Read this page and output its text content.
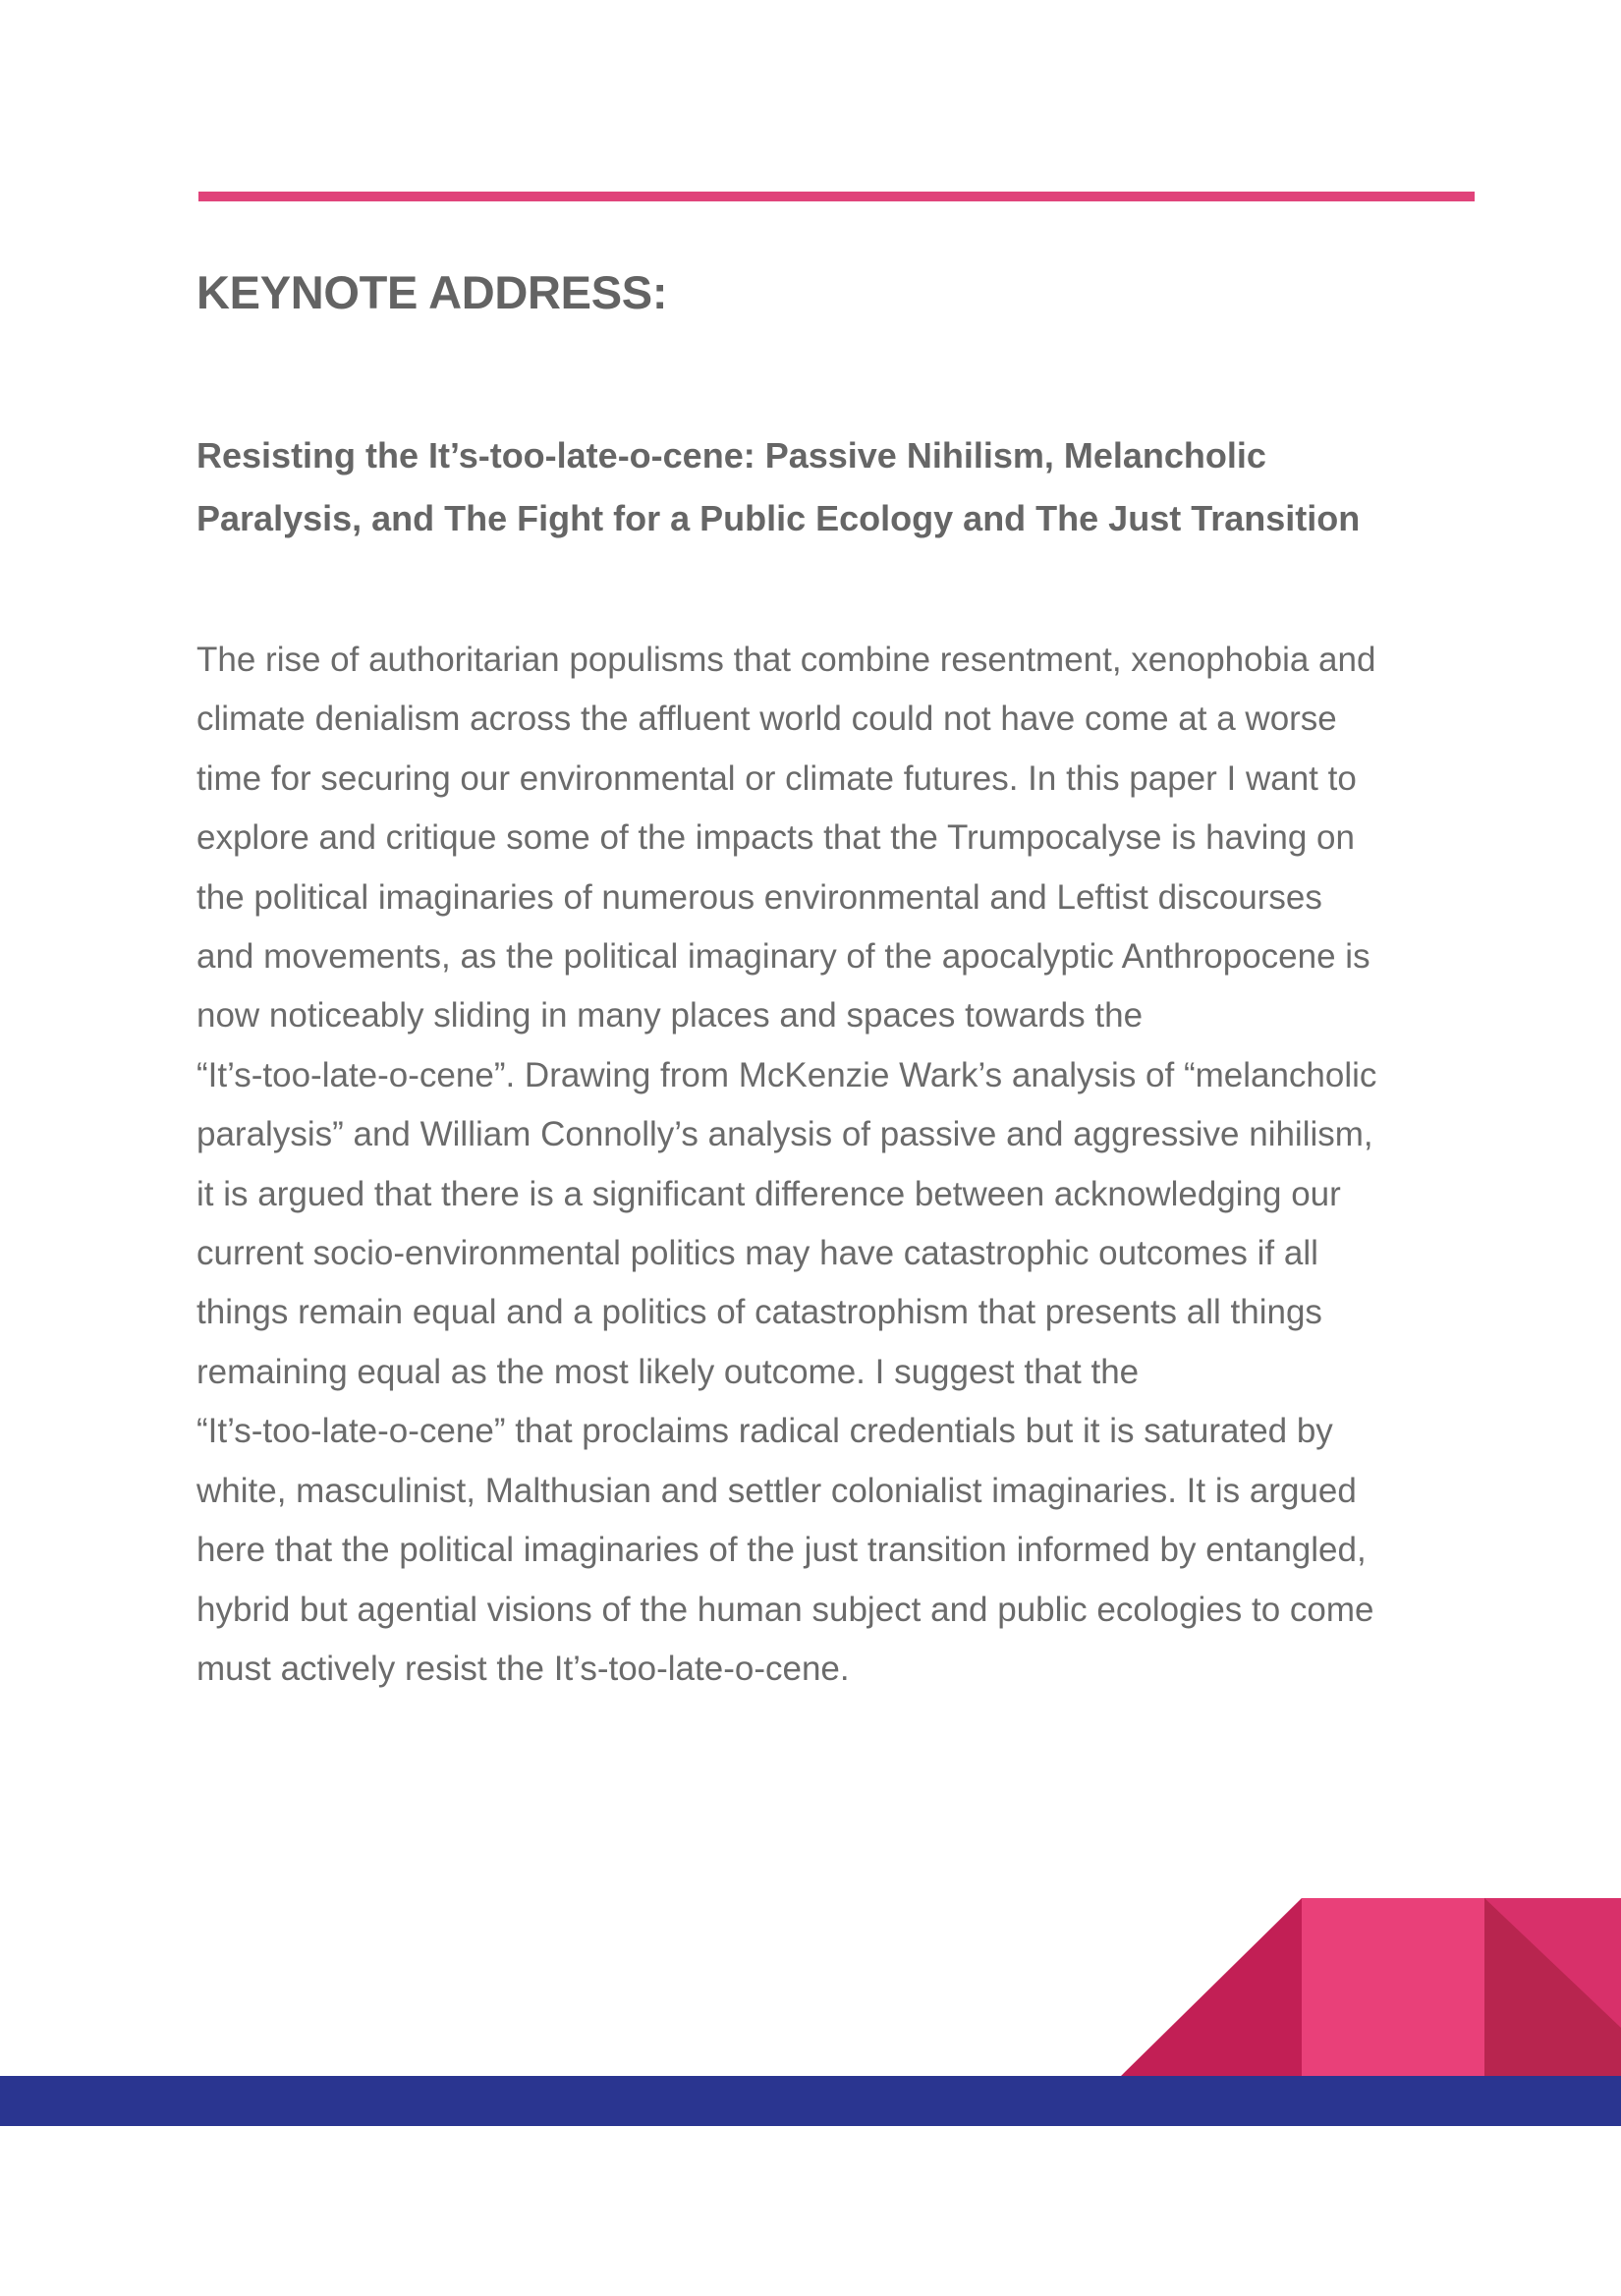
KEYNOTE ADDRESS:
Resisting the It’s-too-late-o-cene: Passive Nihilism, Melancholic
Paralysis, and The Fight for a Public Ecology and The Just Transition

The rise of authoritarian populisms that combine resentment, xenophobia and
climate denialism across the affluent world could not have come at a worse
time for securing our environmental or climate futures. In this paper I want to
explore and critique some of the impacts that the Trumpocalyse is having on
the political imaginaries of numerous environmental and Leftist discourses
and movements, as the political imaginary of the apocalyptic Anthropocene is
now noticeably sliding in many places and spaces towards the
“It’s-too-late-o-cene”. Drawing from McKenzie Wark’s analysis of “melancholic
paralysis” and William Connolly’s analysis of passive and aggressive nihilism,
it is argued that there is a significant difference between acknowledging our
current socio-environmental politics may have catastrophic outcomes if all
things remain equal and a politics of catastrophism that presents all things
remaining equal as the most likely outcome. I suggest that the
“It’s-too-late-o-cene” that proclaims radical credentials but it is saturated by
white, masculinist, Malthusian and settler colonialist imaginaries. It is argued
here that the political imaginaries of the just transition informed by entangled,
hybrid but agential visions of the human subject and public ecologies to come
must actively resist the It’s-too-late-o-cene.
